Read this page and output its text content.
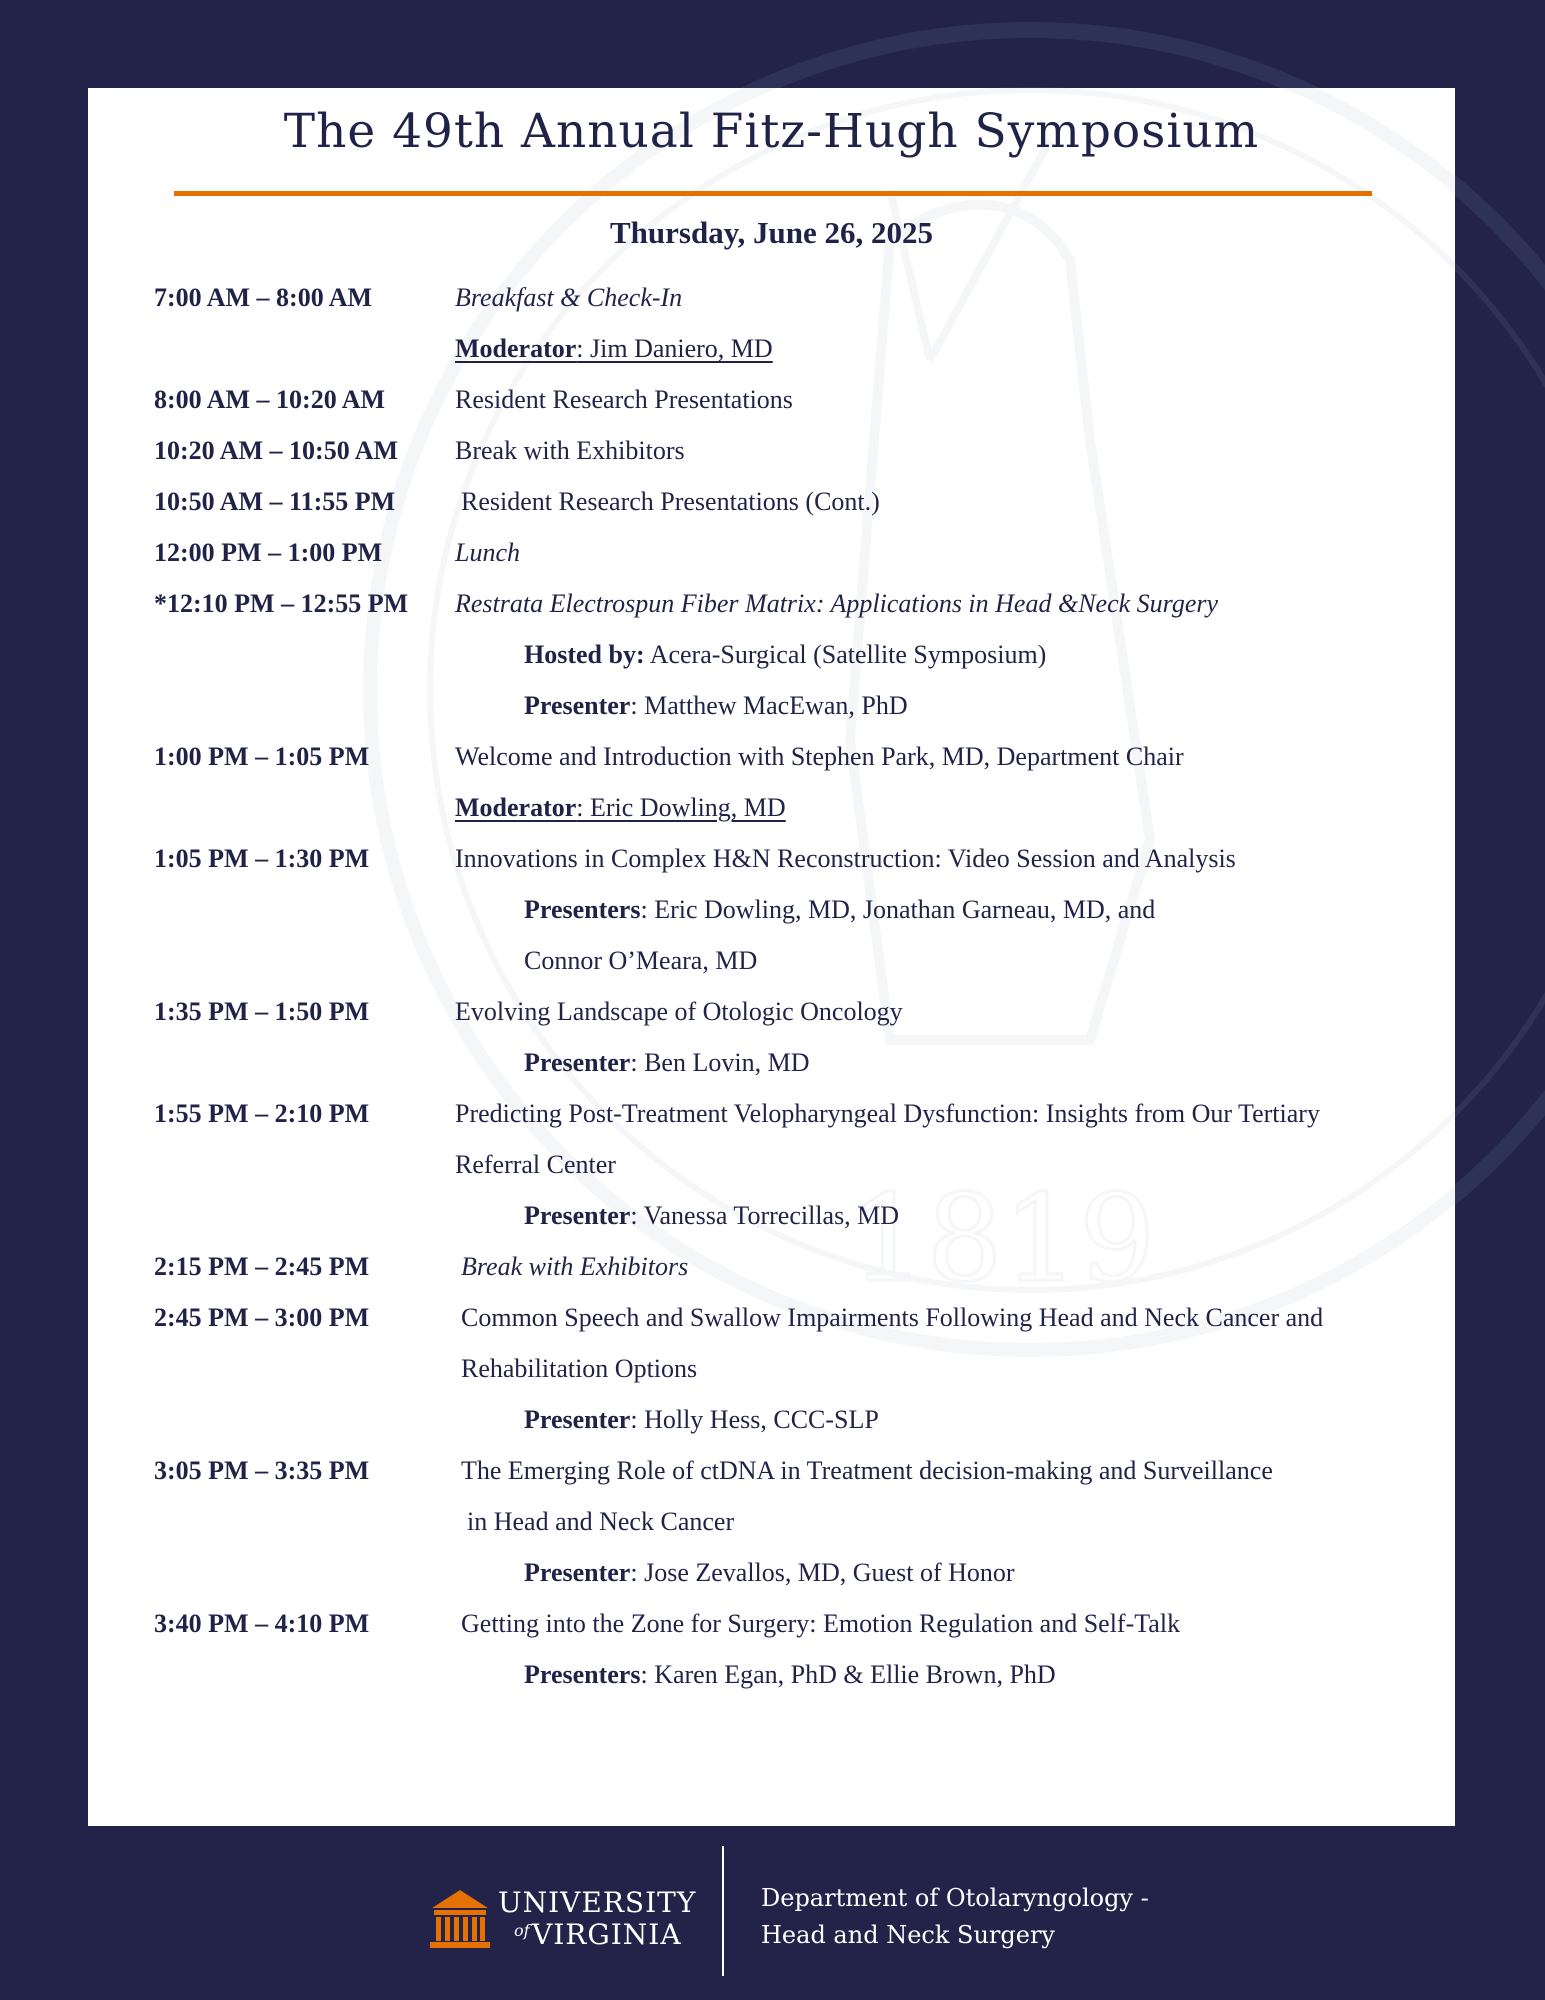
1819
The 49th Annual Fitz-Hugh Symposium
Thursday, June 26, 2025
7:00 AM – 8:00 AM	Breakfast & Check-In
Moderator: Jim Daniero, MD
8:00 AM – 10:20 AM	Resident Research Presentations
10:20 AM – 10:50 AM	Break with Exhibitors
10:50 AM – 11:55 PM	Resident Research Presentations (Cont.)
12:00 PM – 1:00 PM	Lunch
*12:10 PM – 12:55 PM	Restrata Electrospun Fiber Matrix: Applications in Head &Neck Surgery
Hosted by: Acera-Surgical (Satellite Symposium)
Presenter: Matthew MacEwan, PhD
1:00 PM – 1:05 PM	Welcome and Introduction with Stephen Park, MD, Department Chair
Moderator: Eric Dowling, MD
1:05 PM – 1:30 PM	Innovations in Complex H&N Reconstruction: Video Session and Analysis
Presenters: Eric Dowling, MD, Jonathan Garneau, MD, and
Connor O’Meara, MD
1:35 PM – 1:50 PM	Evolving Landscape of Otologic Oncology
Presenter: Ben Lovin, MD
1:55 PM – 2:10 PM	Predicting Post-Treatment Velopharyngeal Dysfunction: Insights from Our Tertiary
Referral Center
Presenter: Vanessa Torrecillas, MD
2:15 PM – 2:45 PM	Break with Exhibitors
2:45 PM – 3:00 PM	Common Speech and Swallow Impairments Following Head and Neck Cancer and
Rehabilitation Options
Presenter: Holly Hess, CCC-SLP
3:05 PM – 3:35 PM	The Emerging Role of ctDNA in Treatment decision-making and Surveillance
in Head and Neck Cancer
Presenter: Jose Zevallos, MD, Guest of Honor
3:40 PM – 4:10 PM	Getting into the Zone for Surgery: Emotion Regulation and Self-Talk
Presenters: Karen Egan, PhD & Ellie Brown, PhD
UNIVERSITY
of VIRGINIA
Department of Otolaryngology -
Head and Neck Surgery
